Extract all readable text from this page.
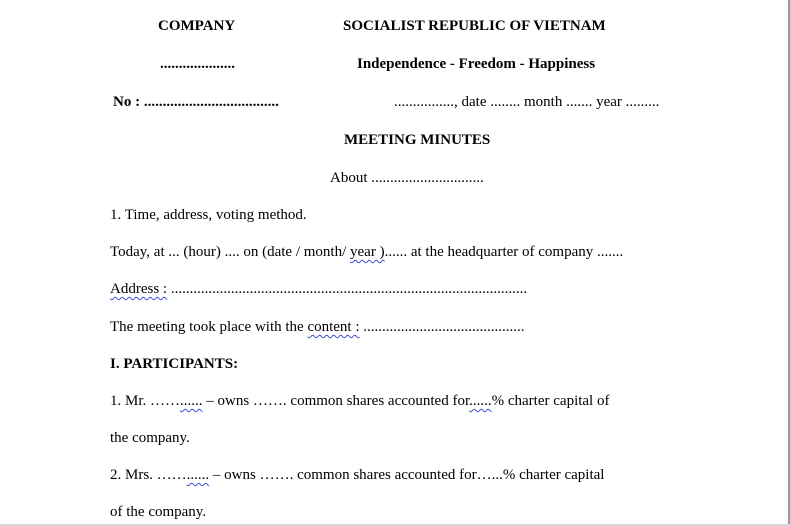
COMPANY
....................
No : ....................................
SOCIALIST REPUBLIC OF VIETNAM
Independence - Freedom - Happiness
................, date ........ month ....... year .........
MEETING MINUTES
About ..............................
1. Time, address, voting method.
Today, at ... (hour) .... on (date / month/ year )...... at the headquarter of company .......
Address : ...............................................................................................
The meeting took place with the content : ...........................................
I. PARTICIPANTS:
1. Mr. ……...... – owns ……. common shares accounted for......% charter capital of
the company.
2. Mrs. ……...... – owns ……. common shares accounted for…...% charter capital
of the company.
